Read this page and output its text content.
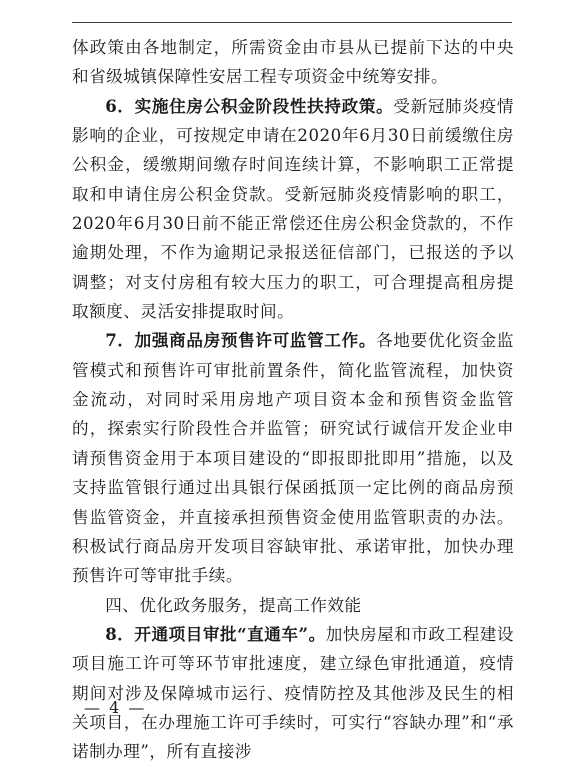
体政策由各地制定，所需资金由市县从已提前下达的中央和省级城镇保障性安居工程专项资金中统筹安排。

6．实施住房公积金阶段性扶持政策。受新冠肺炎疫情影响的企业，可按规定申请在2020年6月30日前缓缴住房公积金，缓缴期间缴存时间连续计算，不影响职工正常提取和申请住房公积金贷款。受新冠肺炎疫情影响的职工，2020年6月30日前不能正常偿还住房公积金贷款的，不作逾期处理，不作为逾期记录报送征信部门，已报送的予以调整；对支付房租有较大压力的职工，可合理提高租房提取额度、灵活安排提取时间。

7．加强商品房预售许可监管工作。各地要优化资金监管模式和预售许可审批前置条件，简化监管流程，加快资金流动，对同时采用房地产项目资本金和预售资金监管的，探索实行阶段性合并监管；研究试行诚信开发企业申请预售资金用于本项目建设的“即报即批即用”措施，以及支持监管银行通过出具银行保函抵顶一定比例的商品房预售监管资金，并直接承担预售资金使用监管职责的办法。积极试行商品房开发项目容缺审批、承诺审批，加快办理预售许可等审批手续。

四、优化政务服务，提高工作效能

8．开通项目审批“直通车”。加快房屋和市政工程建设项目施工许可等环节审批速度，建立绿色审批通道，疫情期间对涉及保障城市运行、疫情防控及其他涉及民生的相关项目，在办理施工许可手续时，可实行“容缺办理”和“承诺制办理”，所有直接涉

— 4 —
